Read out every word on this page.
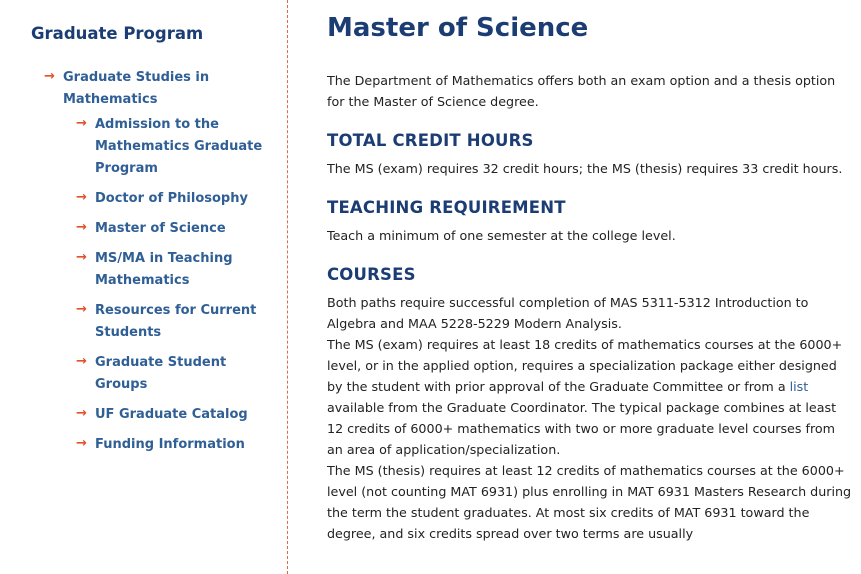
Graduate Program
→ Graduate Studies in Mathematics
→ Admission to the Mathematics Graduate Program
→ Doctor of Philosophy
→ Master of Science
→ MS/MA in Teaching Mathematics
→ Resources for Current Students
→ Graduate Student Groups
→ UF Graduate Catalog
→ Funding Information
Master of Science

The Department of Mathematics offers both an exam option and a thesis option for the Master of Science degree.

TOTAL CREDIT HOURS

The MS (exam) requires 32 credit hours; the MS (thesis) requires 33 credit hours.

TEACHING REQUIREMENT

Teach a minimum of one semester at the college level.

COURSES

Both paths require successful completion of MAS 5311-5312 Introduction to Algebra and MAA 5228-5229 Modern Analysis.

The MS (exam) requires at least 18 credits of mathematics courses at the 6000+ level, or in the applied option, requires a specialization package either designed by the student with prior approval of the Graduate Committee or from a list available from the Graduate Coordinator. The typical package combines at least 12 credits of 6000+ mathematics with two or more graduate level courses from an area of application/specialization.

The MS (thesis) requires at least 12 credits of mathematics courses at the 6000+ level (not counting MAT 6931) plus enrolling in MAT 6931 Masters Research during the term the student graduates. At most six credits of MAT 6931 toward the degree, and six credits spread over two terms are usually
